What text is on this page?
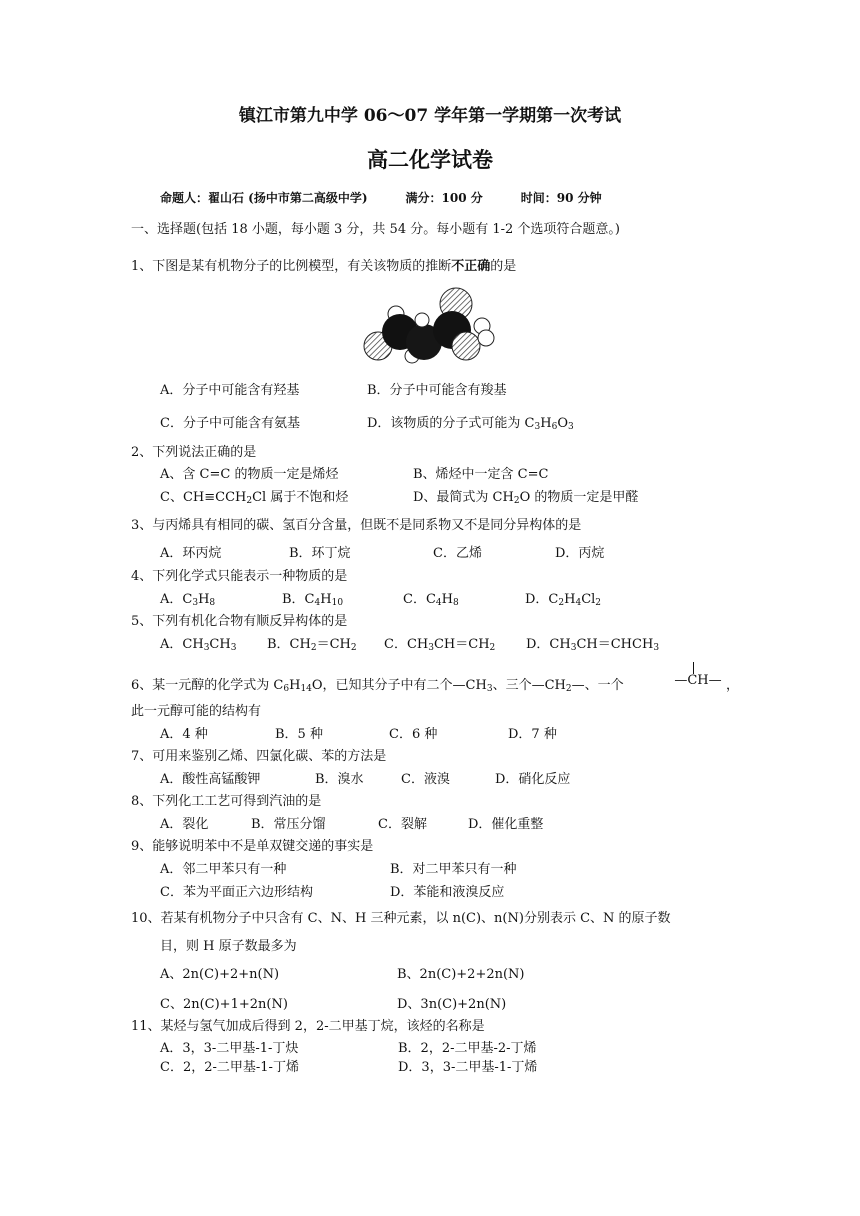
镇江市第九中学 06～07 学年第一学期第一次考试
高二化学试卷
命题人：翟山石 (扬中市第二高级中学)	满分：100 分	时间：90 分钟
一、选择题(包括 18 小题，每小题 3 分，共 54 分。每小题有 1-2 个选项符合题意。)
1、下图是某有机物分子的比例模型，有关该物质的推断不正确的是
A．分子中可能含有羟基	B．分子中可能含有羧基
C．分子中可能含有氨基	D．该物质的分子式可能为 $C_3H_6O_3$
2、下列说法正确的是
A、含 C=C 的物质一定是烯烃	B、烯烃中一定含 C=C
C、$CH\equiv CCH_2Cl$ 属于不饱和烃	D、最简式为 $CH_2O$ 的物质一定是甲醛
3、与丙烯具有相同的碳、氢百分含量，但既不是同系物又不是同分异构体的是
A．环丙烷	B．环丁烷	C．乙烯	D．丙烷
4、下列化学式只能表示一种物质的是
A．$C_3H_8$	B．$C_4H_{10}$	C．$C_4H_8$	D．$C_2H_4Cl_2$
5、下列有机化合物有顺反异构体的是
A．$CH_3CH_3$ B．$CH_2=CH_2$ C．$CH_3CH=CH_2$ D．$CH_3CH=CHCH_3$
6、某一元醇的化学式为 $C_6H_{14}O$，已知其分子中有二个$—CH_3$、三个$—CH_2—$、一个	—CH— ，
此一元醇可能的结构有
A．4 种	B．5 种	C．6 种	D．7 种
7、可用来鉴别乙烯、四氯化碳、苯的方法是
A．酸性高锰酸钾	B．溴水	C．液溴	D．硝化反应
8、下列化工工艺可得到汽油的是
A．裂化	B．常压分馏	C．裂解	D．催化重整
9、能够说明苯中不是单双键交递的事实是
A．邻二甲苯只有一种	B．对二甲苯只有一种
C．苯为平面正六边形结构	D．苯能和液溴反应
10、若某有机物分子中只含有 C、N、H 三种元素，以 n(C)、n(N)分别表示 C、N 的原子数
目，则 H 原子数最多为
A、2n(C)+2+n(N)	B、2n(C)+2+2n(N)
C、2n(C)+1+2n(N)	D、3n(C)+2n(N)
11、某烃与氢气加成后得到 2，2-二甲基丁烷，该烃的名称是
A．3，3-二甲基-1-丁炔	B．2，2-二甲基-2-丁烯
C．2，2-二甲基-1-丁烯	D．3，3-二甲基-1-丁烯
